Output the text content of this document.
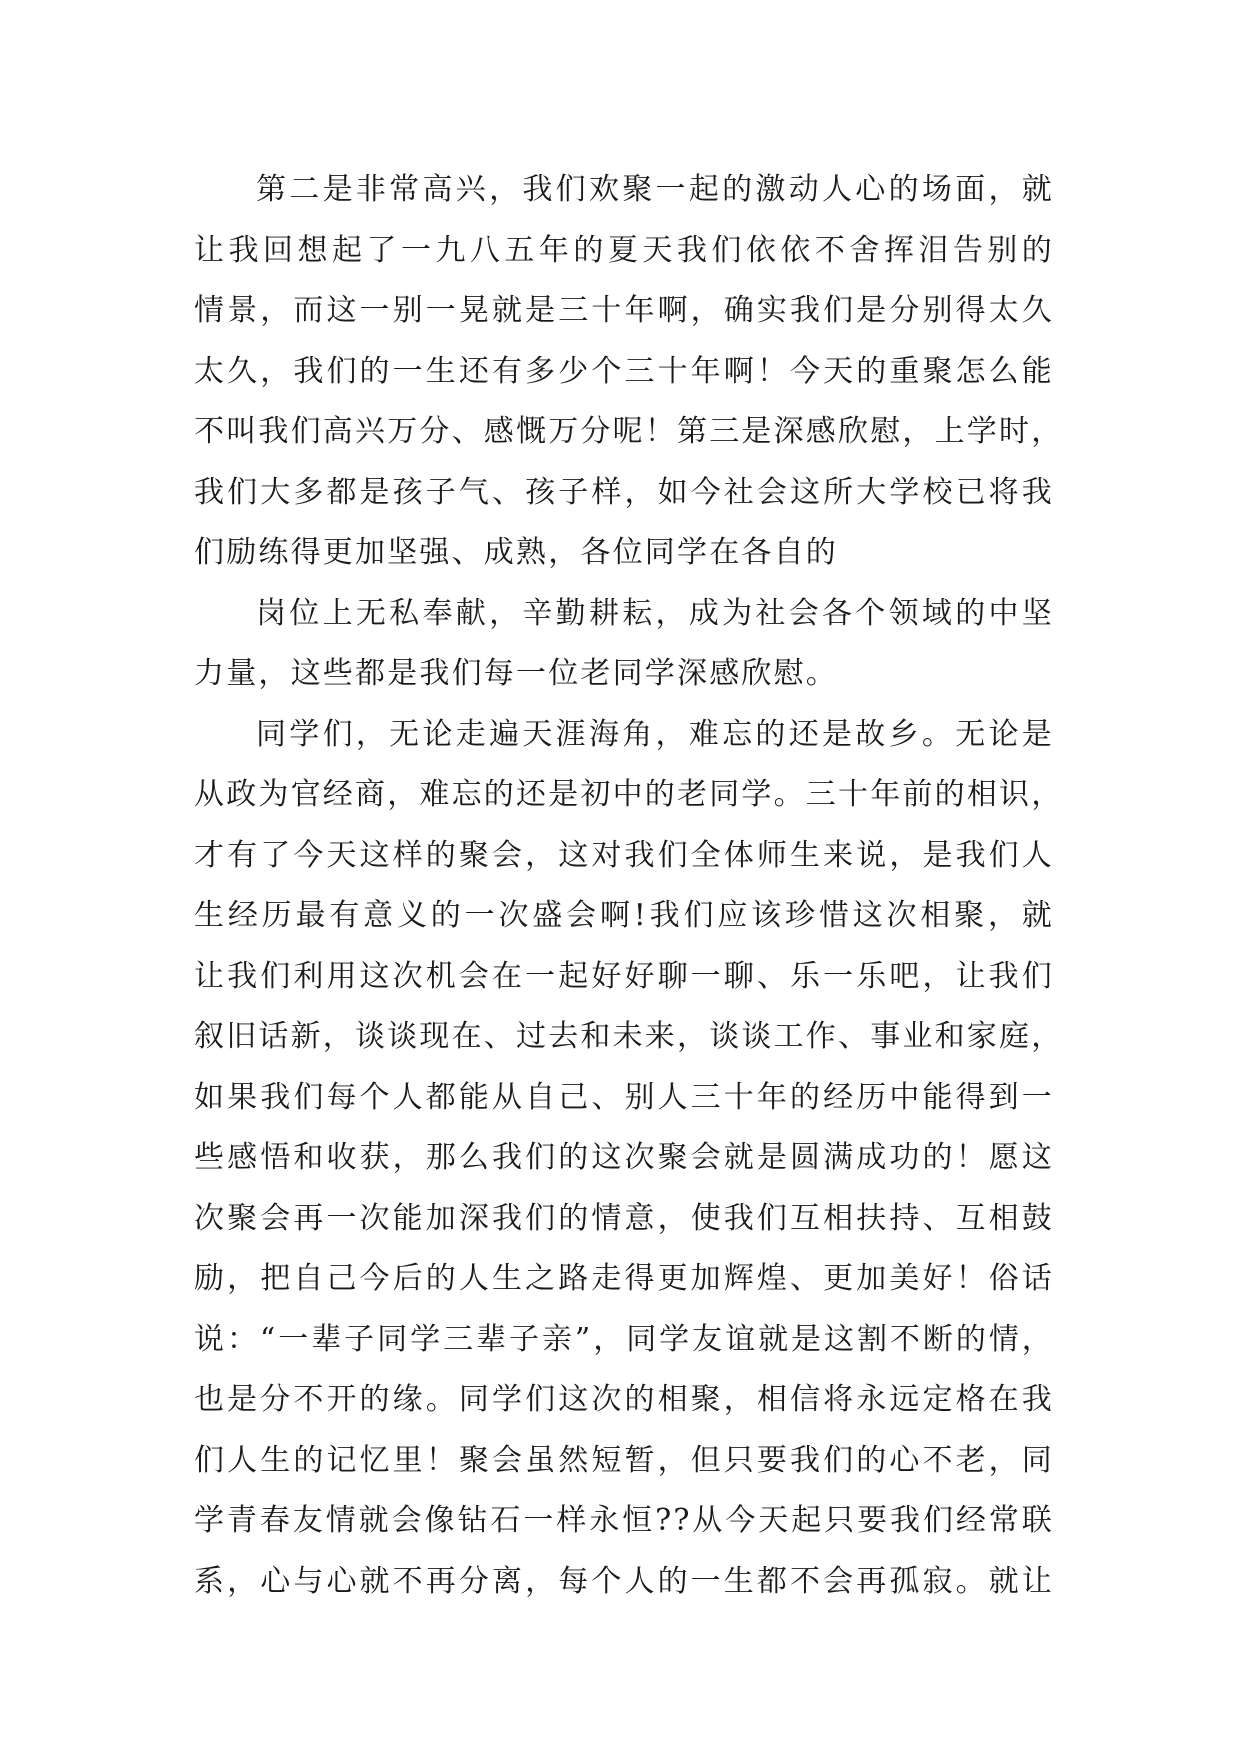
第二是非常高兴，我们欢聚一起的激动人心的场面，就
让我回想起了一九八五年的夏天我们依依不舍挥泪告别的
情景，而这一别一晃就是三十年啊，确实我们是分别得太久
太久，我们的一生还有多少个三十年啊！今天的重聚怎么能
不叫我们高兴万分、感慨万分呢！第三是深感欣慰，上学时，
我们大多都是孩子气、孩子样，如今社会这所大学校已将我
们励练得更加坚强、成熟，各位同学在各自的
岗位上无私奉献，辛勤耕耘，成为社会各个领域的中坚
力量，这些都是我们每一位老同学深感欣慰。
同学们，无论走遍天涯海角，难忘的还是故乡。无论是
从政为官经商，难忘的还是初中的老同学。三十年前的相识，
才有了今天这样的聚会，这对我们全体师生来说，是我们人
生经历最有意义的一次盛会啊!我们应该珍惜这次相聚，就
让我们利用这次机会在一起好好聊一聊、乐一乐吧，让我们
叙旧话新，谈谈现在、过去和未来，谈谈工作、事业和家庭，
如果我们每个人都能从自己、别人三十年的经历中能得到一
些感悟和收获，那么我们的这次聚会就是圆满成功的！愿这
次聚会再一次能加深我们的情意，使我们互相扶持、互相鼓
励，把自己今后的人生之路走得更加辉煌、更加美好！俗话
说：“一辈子同学三辈子亲”，同学友谊就是这割不断的情，
也是分不开的缘。同学们这次的相聚，相信将永远定格在我
们人生的记忆里！聚会虽然短暂，但只要我们的心不老，同
学青春友情就会像钻石一样永恒??从今天起只要我们经常联
系，心与心就不再分离，每个人的一生都不会再孤寂。就让
